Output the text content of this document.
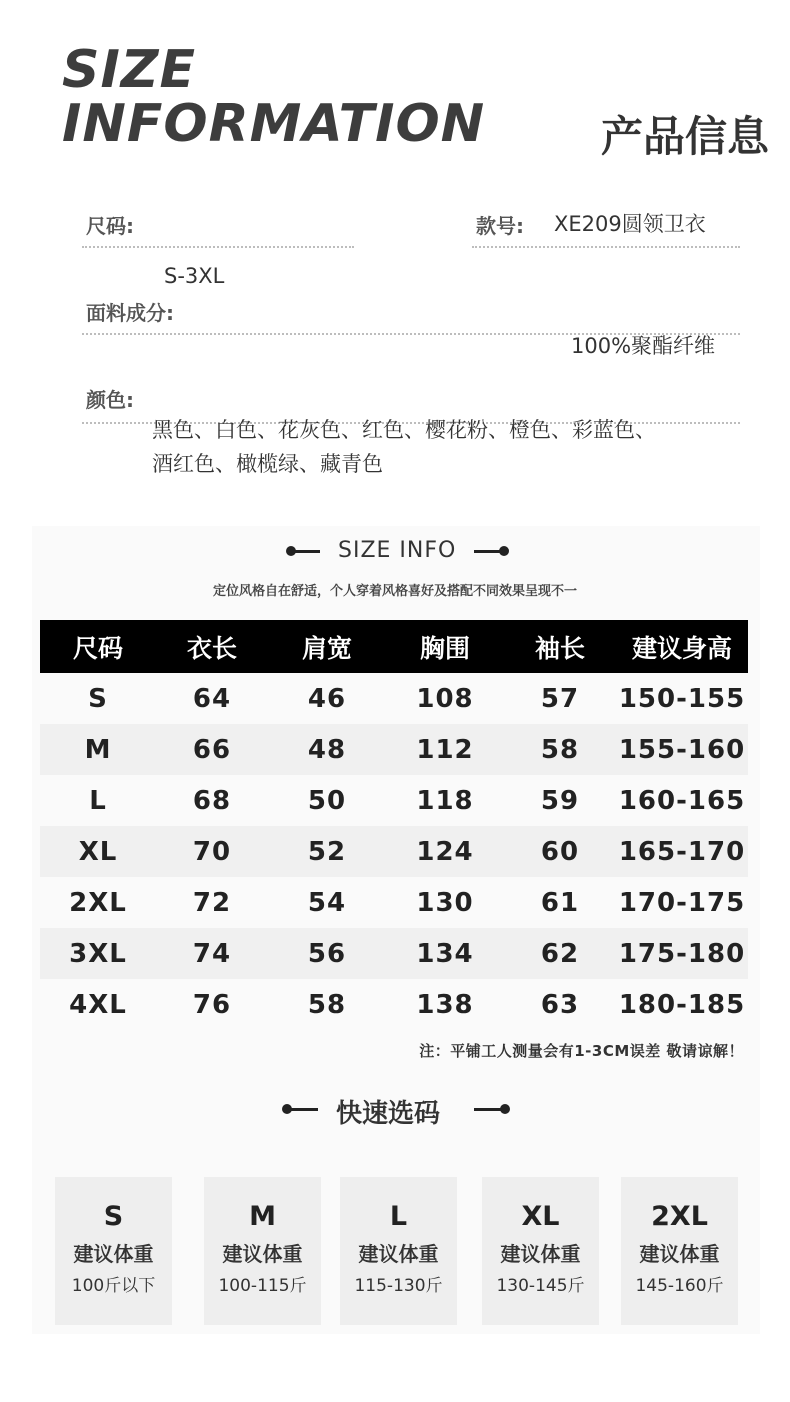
SIZE
INFORMATION	产品信息
尺码:
S-3XL
款号: XE209圆领卫衣
面料成分:
100%聚酯纤维
颜色:
黑色、白色、花灰色、红色、樱花粉、橙色、彩蓝色、
酒红色、橄榄绿、藏青色
SIZE INFO
定位风格自在舒适，个人穿着风格喜好及搭配不同效果呈现不一
尺码	衣长	肩宽	胸围	袖长	建议身高
S	64	46	108	57	150-155
M	66	48	112	58	155-160
L	68	50	118	59	160-165
XL	70	52	124	60	165-170
2XL	72	54	130	61	170-175
3XL	74	56	134	62	175-180
4XL	76	58	138	63	180-185
注：平铺工人测量会有1-3CM误差 敬请谅解！
快速选码
S
建议体重
100斤以下
M
建议体重
100-115斤
L
建议体重
115-130斤
XL
建议体重
130-145斤
2XL
建议体重
145-160斤
